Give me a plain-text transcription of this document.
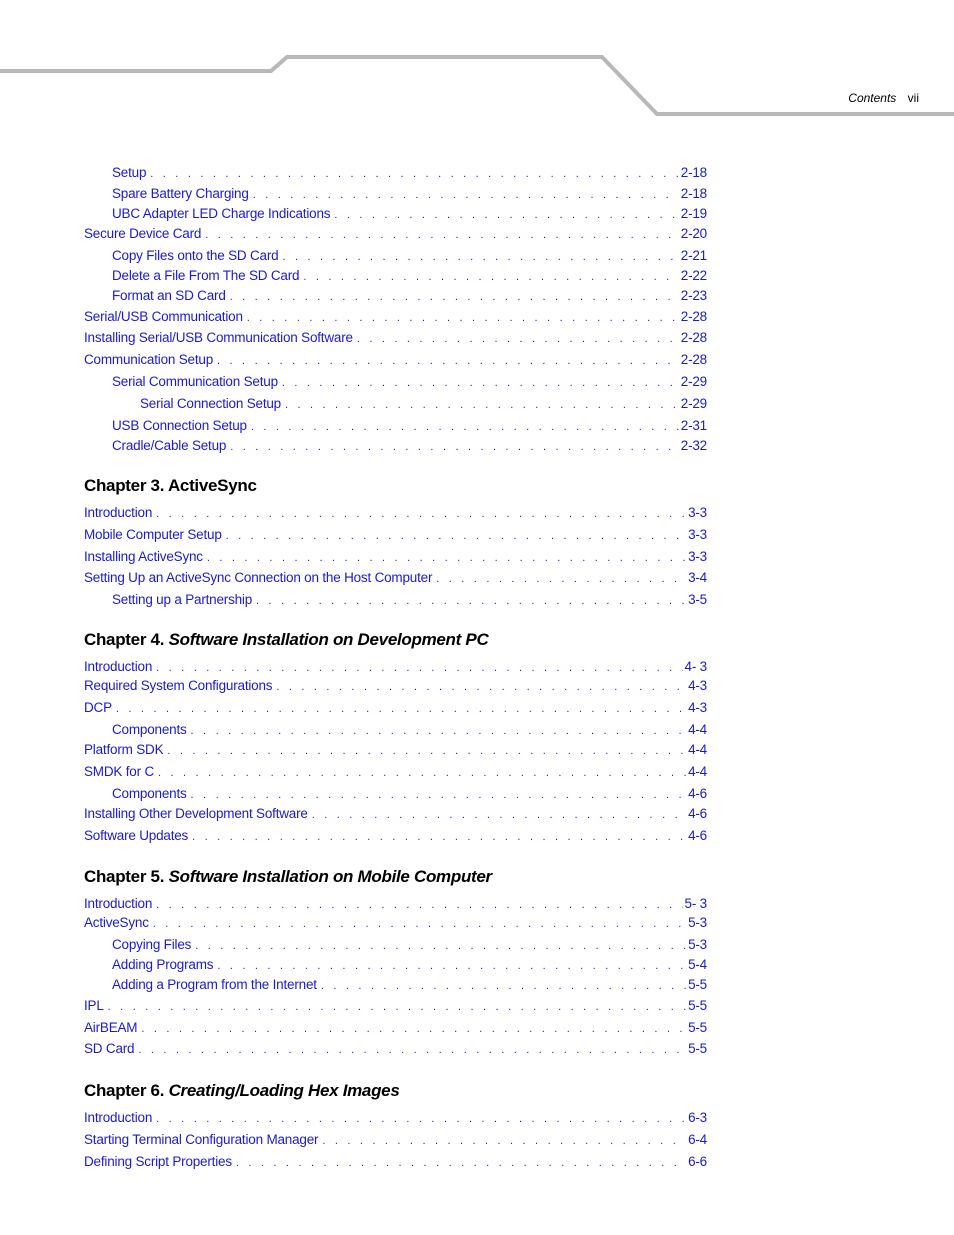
Contents vii
Setup . . .	2-18
Spare Battery Charging . . .	2-18
UBC Adapter LED Charge Indications . . .	2-19
Secure Device Card . . .	2-20
Copy Files onto the SD Card . . .	2-21
Delete a File From The SD Card . . .	2-22
Format an SD Card . . .	2-23
Serial/USB Communication . . .	2-28
Installing Serial/USB Communication Software . . .	2-28
Communication Setup . . .	2-28
Serial Communication Setup . . .	2-29
Serial Connection Setup . . .	2-29
USB Connection Setup . . .	2-31
Cradle/Cable Setup . . .	2-32
Chapter 3. ActiveSync
Introduction . . .	3-3
Mobile Computer Setup . . .	3-3
Installing ActiveSync . . .	3-3
Setting Up an ActiveSync Connection on the Host Computer . . .	3-4
Setting up a Partnership . . .	3-5
Chapter 4. Software Installation on Development PC
Introduction . . .	4- 3
Required System Configurations . . .	4-3
DCP . . .	4-3
Components . . .	4-4
Platform SDK . . .	4-4
SMDK for C . . .	4-4
Components . . .	4-6
Installing Other Development Software . . .	4-6
Software Updates . . .	4-6
Chapter 5. Software Installation on Mobile Computer
Introduction . . .	5- 3
ActiveSync . . .	5-3
Copying Files . . .	5-3
Adding Programs . . .	5-4
Adding a Program from the Internet . . .	5-5
IPL . . .	5-5
AirBEAM . . .	5-5
SD Card . . .	5-5
Chapter 6. Creating/Loading Hex Images
Introduction . . .	6-3
Starting Terminal Configuration Manager . . .	6-4
Defining Script Properties . . .	6-6
